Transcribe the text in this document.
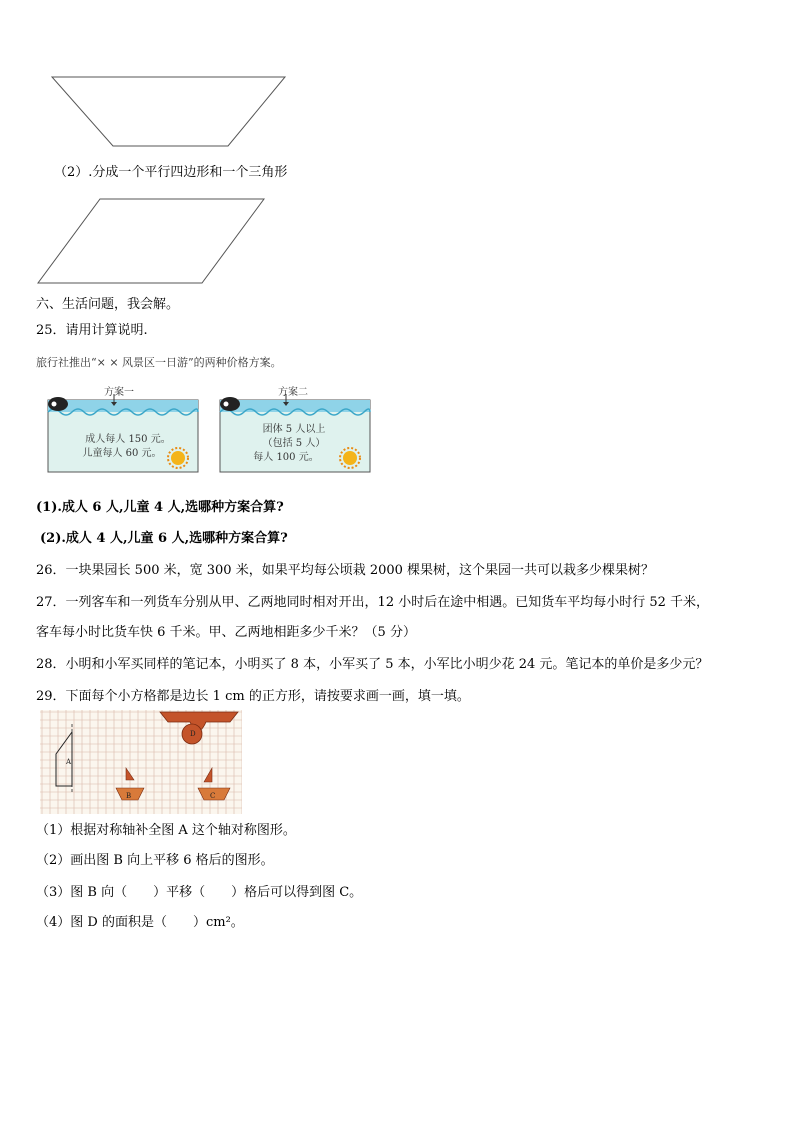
（2）.分成一个平行四边形和一个三角形
六、生活问题，我会解。
25．请用计算说明.
旅行社推出“× × 风景区一日游”的两种价格方案。
方案一
成人每人 150 元。
儿童每人 60 元。
方案二
团体 5 人以上
（包括 5 人）
每人 100 元。
(1).成人 6 人,儿童 4 人,选哪种方案合算?
(2).成人 4 人,儿童 6 人,选哪种方案合算?
26．一块果园长 500 米，宽 300 米，如果平均每公顷栽 2000 棵果树，这个果园一共可以栽多少棵果树？
27．一列客车和一列货车分别从甲、乙两地同时相对开出，12 小时后在途中相遇。已知货车平均每小时行 52 千米，
客车每小时比货车快 6 千米。甲、乙两地相距多少千米？（5 分）
28．小明和小军买同样的笔记本，小明买了 8 本，小军买了 5 本，小军比小明少花 24 元。笔记本的单价是多少元？
29．下面每个小方格都是边长 1 cm 的正方形，请按要求画一画，填一填。
A
D
B	C
（1）根据对称轴补全图 A 这个轴对称图形。
（2）画出图 B 向上平移 6 格后的图形。
（3）图 B 向（　　）平移（　　）格后可以得到图 C。
（4）图 D 的面积是（　　）cm²。
